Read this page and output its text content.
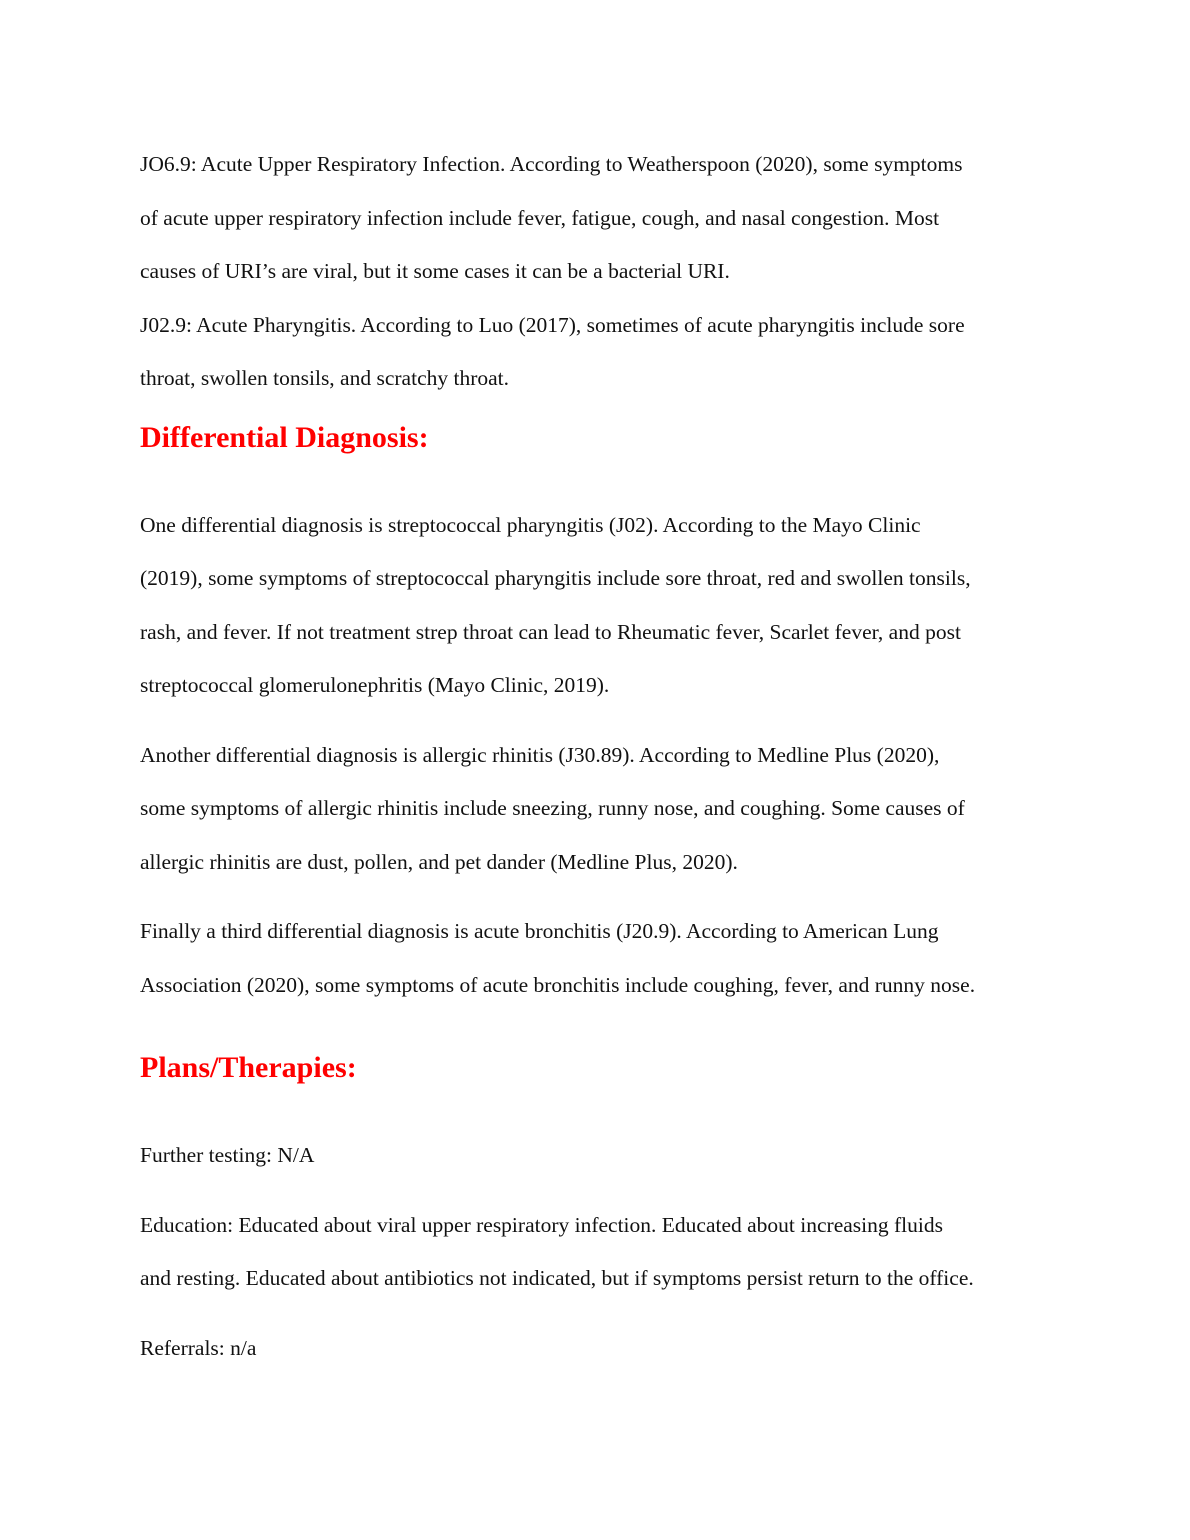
JO6.9: Acute Upper Respiratory Infection. According to Weatherspoon (2020), some symptoms

of acute upper respiratory infection include fever, fatigue, cough, and nasal congestion. Most

causes of URI’s are viral, but it some cases it can be a bacterial URI.

J02.9: Acute Pharyngitis. According to Luo (2017), sometimes of acute pharyngitis include sore

throat, swollen tonsils, and scratchy throat.

Differential Diagnosis:

One differential diagnosis is streptococcal pharyngitis (J02). According to the Mayo Clinic

(2019), some symptoms of streptococcal pharyngitis include sore throat, red and swollen tonsils,

rash, and fever. If not treatment strep throat can lead to Rheumatic fever, Scarlet fever, and post

streptococcal glomerulonephritis (Mayo Clinic, 2019).

Another differential diagnosis is allergic rhinitis (J30.89). According to Medline Plus (2020),

some symptoms of allergic rhinitis include sneezing, runny nose, and coughing. Some causes of

allergic rhinitis are dust, pollen, and pet dander (Medline Plus, 2020).

Finally a third differential diagnosis is acute bronchitis (J20.9). According to American Lung

Association (2020), some symptoms of acute bronchitis include coughing, fever, and runny nose.

Plans/Therapies:

Further testing: N/A

Education: Educated about viral upper respiratory infection. Educated about increasing fluids

and resting. Educated about antibiotics not indicated, but if symptoms persist return to the office.

Referrals: n/a
